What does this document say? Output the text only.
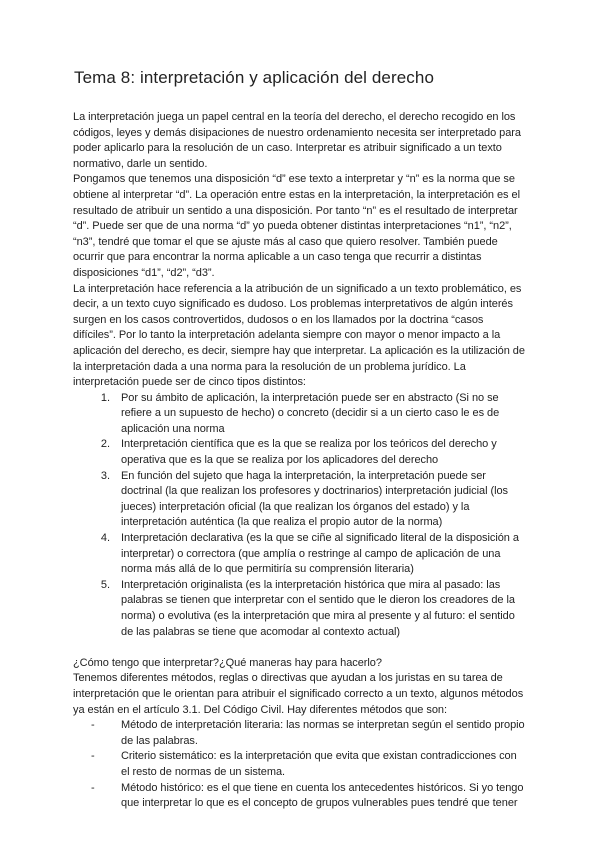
Tema 8: interpretación y aplicación del derecho

La interpretación juega un papel central en la teoría del derecho, el derecho recogido en los códigos, leyes y demás disipaciones de nuestro ordenamiento necesita ser interpretado para poder aplicarlo para la resolución de un caso. Interpretar es atribuir significado a un texto normativo, darle un sentido.

Pongamos que tenemos una disposición “d” ese texto a interpretar y “n” es la norma que se obtiene al interpretar “d”. La operación entre estas en la interpretación, la interpretación es el resultado de atribuir un sentido a una disposición. Por tanto “n” es el resultado de interpretar “d”. Puede ser que de una norma “d” yo pueda obtener distintas interpretaciones “n1”, “n2”, “n3”, tendré que tomar el que se ajuste más al caso que quiero resolver. También puede ocurrir que para encontrar la norma aplicable a un caso tenga que recurrir a distintas disposiciones “d1”, “d2”, “d3”.

La interpretación hace referencia a la atribución de un significado a un texto problemático, es decir, a un texto cuyo significado es dudoso. Los problemas interpretativos de algún interés surgen en los casos controvertidos, dudosos o en los llamados por la doctrina “casos difíciles”. Por lo tanto la interpretación adelanta siempre con mayor o menor impacto a la aplicación del derecho, es decir, siempre hay que interpretar. La aplicación es la utilización de la interpretación dada a una norma para la resolución de un problema jurídico. La interpretación puede ser de cinco tipos distintos:

1. Por su ámbito de aplicación, la interpretación puede ser en abstracto (Si no se refiere a un supuesto de hecho) o concreto (decidir si a un cierto caso le es de aplicación una norma
2. Interpretación científica que es la que se realiza por los teóricos del derecho y operativa que es la que se realiza por los aplicadores del derecho
3. En función del sujeto que haga la interpretación, la interpretación puede ser doctrinal (la que realizan los profesores y doctrinarios) interpretación judicial (los jueces) interpretación oficial (la que realizan los órganos del estado) y la interpretación auténtica (la que realiza el propio autor de la norma)
4. Interpretación declarativa (es la que se ciñe al significado literal de la disposición a interpretar) o correctora (que amplía o restringe al campo de aplicación de una norma más allá de lo que permitiría su comprensión literaria)
5. Interpretación originalista (es la interpretación histórica que mira al pasado: las palabras se tienen que interpretar con el sentido que le dieron los creadores de la norma) o evolutiva (es la interpretación que mira al presente y al futuro: el sentido de las palabras se tiene que acomodar al contexto actual)

¿Cómo tengo que interpretar?¿Qué maneras hay para hacerlo?

Tenemos diferentes métodos, reglas o directivas que ayudan a los juristas en su tarea de interpretación que le orientan para atribuir el significado correcto a un texto, algunos métodos ya están en el artículo 3.1. Del Código Civil. Hay diferentes métodos que son:

- Método de interpretación literaria: las normas se interpretan según el sentido propio de las palabras.
- Criterio sistemático: es la interpretación que evita que existan contradicciones con el resto de normas de un sistema.
- Método histórico: es el que tiene en cuenta los antecedentes históricos. Si yo tengo que interpretar lo que es el concepto de grupos vulnerables pues tendré que tener
